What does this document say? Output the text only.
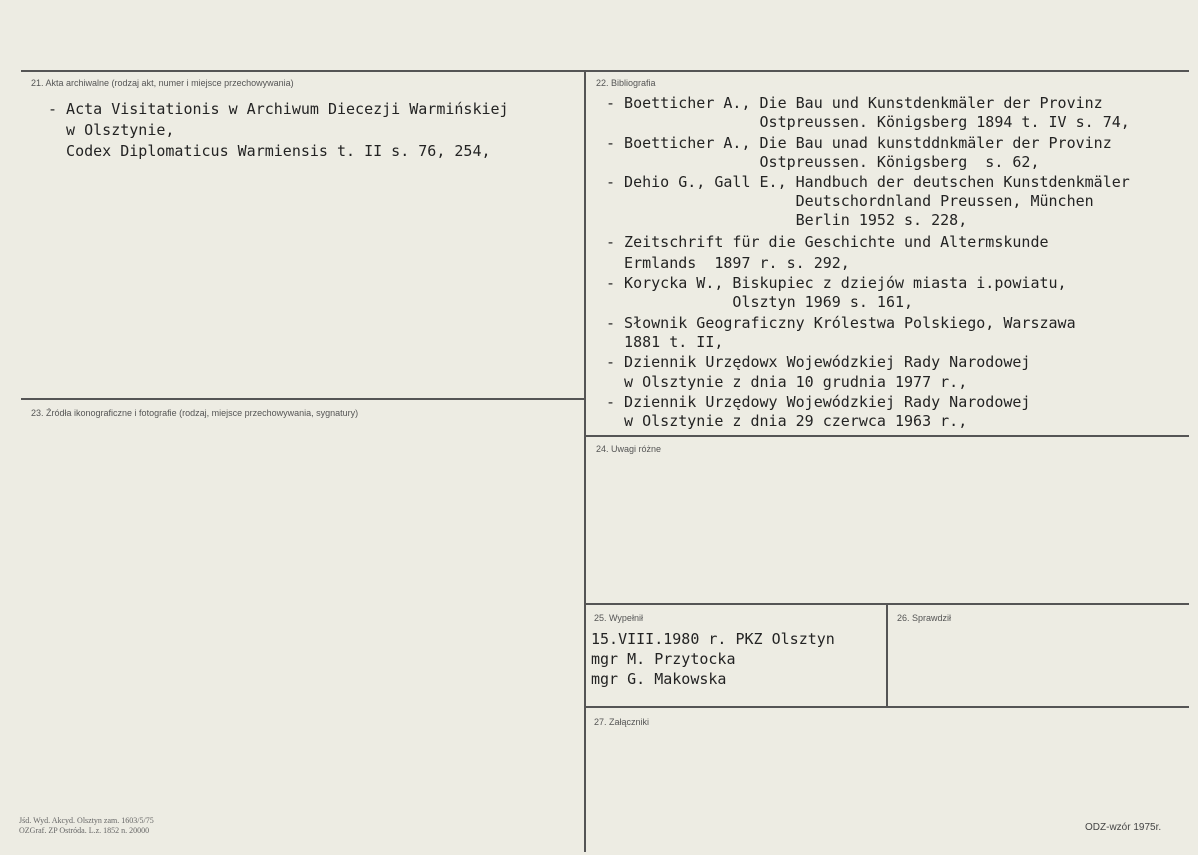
21. Akta archiwalne (rodzaj akt, numer i miejsce przechowywania)
- Acta Visitationis w Archiwum Diecezji Warmińskiej
w Olsztynie,
Codex Diplomaticus Warmiensis t. II s. 76, 254,
22. Bibliografia
- Boetticher A., Die Bau und Kunstdenkmäler der Provinz
Ostpreussen. Königsberg 1894 t. IV s. 74,
- Boetticher A., Die Bau unad kunstddnkmäler der Provinz
Ostpreussen. Königsberg  s. 62,
- Dehio G., Gall E., Handbuch der deutschen Kunstdenkmäler
Deutschordnland Preussen, München
Berlin 1952 s. 228,
- Zeitschrift für die Geschichte und Altermskunde
Ermlands  1897 r. s. 292,
- Korycka W., Biskupiec z dziejów miasta i.powiatu,
Olsztyn 1969 s. 161,
- Słownik Geograficzny Królestwa Polskiego, Warszawa
1881 t. II,
- Dziennik Urzędowx Wojewódzkiej Rady Narodowej
w Olsztynie z dnia 10 grudnia 1977 r.,
- Dziennik Urzędowy Wojewódzkiej Rady Narodowej
w Olsztynie z dnia 29 czerwca 1963 r.,
23. Źródła ikonograficzne i fotografie (rodzaj, miejsce przechowywania, sygnatury)
24. Uwagi różne
25. Wypełnił
15.VIII.1980 r. PKZ Olsztyn
mgr M. Przytocka
mgr G. Makowska
26. Sprawdził
27. Załączniki
Jśd. Wyd. Akcyd. Olsztyn zam. 1603/5/75
OZGraf. ZP Ostróda. L.z. 1852 n. 20000	ODZ-wzór 1975r.
